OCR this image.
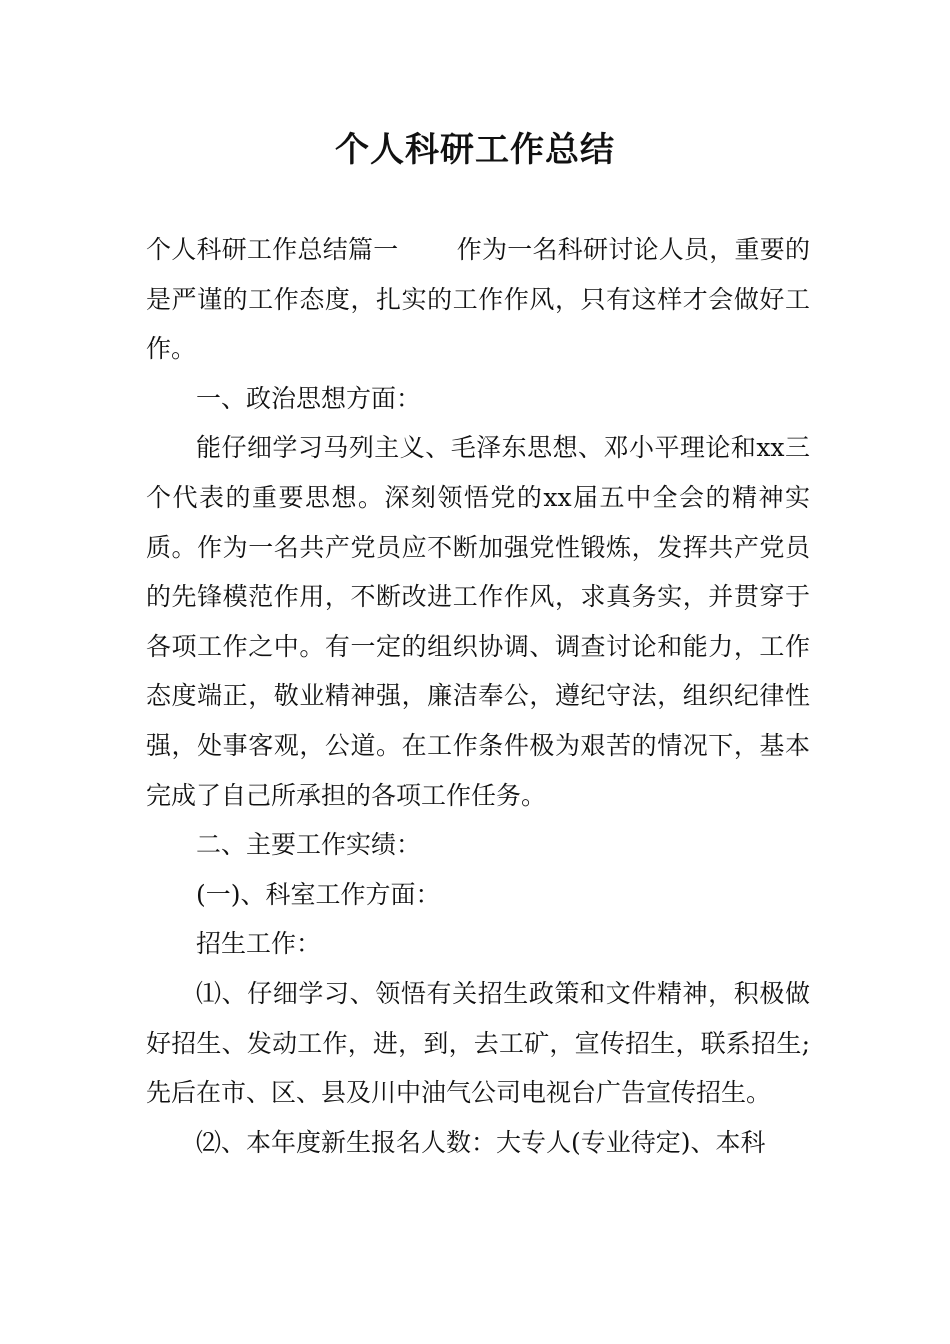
个人科研工作总结

个人科研工作总结篇一 作为一名科研讨论人员，重要的是严谨的工作态度，扎实的工作作风，只有这样才会做好工作。

一、政治思想方面：

能仔细学习马列主义、毛泽东思想、邓小平理论和xx三个代表的重要思想。深刻领悟党的xx届五中全会的精神实质。作为一名共产党员应不断加强党性锻炼，发挥共产党员的先锋模范作用，不断改进工作作风，求真务实，并贯穿于各项工作之中。有一定的组织协调、调查讨论和能力，工作态度端正，敬业精神强，廉洁奉公，遵纪守法，组织纪律性强，处事客观，公道。在工作条件极为艰苦的情况下，基本完成了自己所承担的各项工作任务。

二、主要工作实绩：

(一)、科室工作方面：

招生工作：

⑴、仔细学习、领悟有关招生政策和文件精神，积极做好招生、发动工作，进，到，去工矿，宣传招生，联系招生;先后在市、区、县及川中油气公司电视台广告宣传招生。

⑵、本年度新生报名人数：大专人(专业待定)、本科
